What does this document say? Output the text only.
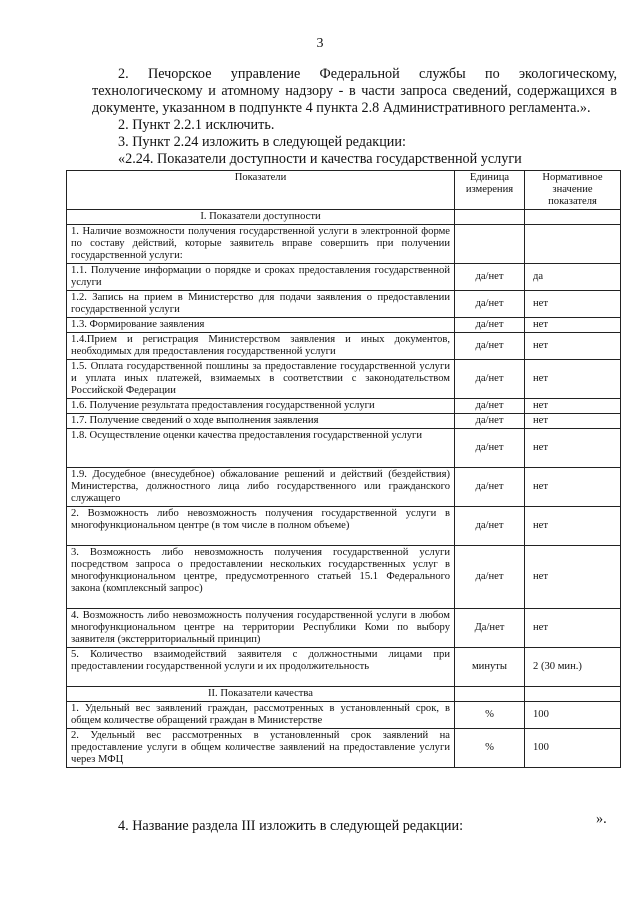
3
2. Печорское управление Федеральной службы по экологическому, технологическому и атомному надзору - в части запроса сведений, содержащихся в документе, указанном в подпункте 4 пункта 2.8 Административного регламента.».
2. Пункт 2.2.1 исключить.
3. Пункт 2.24 изложить в следующей редакции:
«2.24. Показатели доступности и качества государственной услуги
Показатели	Единица измерения	Нормативное значение показателя
I. Показатели доступности		
1. Наличие возможности получения государственной услуги в электронной форме по составу действий, которые заявитель вправе совершить при получении государственной услуги:		
1.1. Получение информации о порядке и сроках предоставления государственной услуги	да/нет	да
1.2. Запись на прием в Министерство для подачи заявления о предоставлении государственной услуги	да/нет	нет
1.3. Формирование заявления	да/нет	нет
1.4.Прием и регистрация Министерством заявления и иных документов, необходимых для предоставления государственной услуги	да/нет	нет
1.5. Оплата государственной пошлины за предоставление государственной услуги и уплата иных платежей, взимаемых в соответствии с законодательством Российской Федерации	да/нет	нет
1.6. Получение результата предоставления государственной услуги	да/нет	нет
1.7. Получение сведений о ходе выполнения заявления	да/нет	нет
1.8. Осуществление оценки качества предоставления государственной услуги	да/нет	нет
1.9. Досудебное (внесудебное) обжалование решений и действий (бездействия) Министерства, должностного лица либо государственного или гражданского служащего	да/нет	нет
2. Возможность либо невозможность получения государственной услуги в многофункциональном центре (в том числе в полном объеме)	да/нет	нет
3. Возможность либо невозможность получения государственной услуги посредством запроса о предоставлении нескольких государственных услуг в многофункциональном центре, предусмотренного статьей 15.1 Федерального закона (комплексный запрос)	да/нет	нет
4. Возможность либо невозможность получения государственной услуги в любом многофункциональном центре на территории Республики Коми по выбору заявителя (экстерриториальный принцип)	Да/нет	нет
5. Количество взаимодействий заявителя с должностными лицами при предоставлении государственной услуги и их продолжительность	минуты	2 (30 мин.)
II. Показатели качества		
1. Удельный вес заявлений граждан, рассмотренных в установленный срок, в общем количестве обращений граждан в Министерстве	%	100
2. Удельный вес рассмотренных в установленный срок заявлений на предоставление услуги в общем количестве заявлений на предоставление услуги через МФЦ	%	100
».
4. Название раздела III изложить в следующей редакции:
